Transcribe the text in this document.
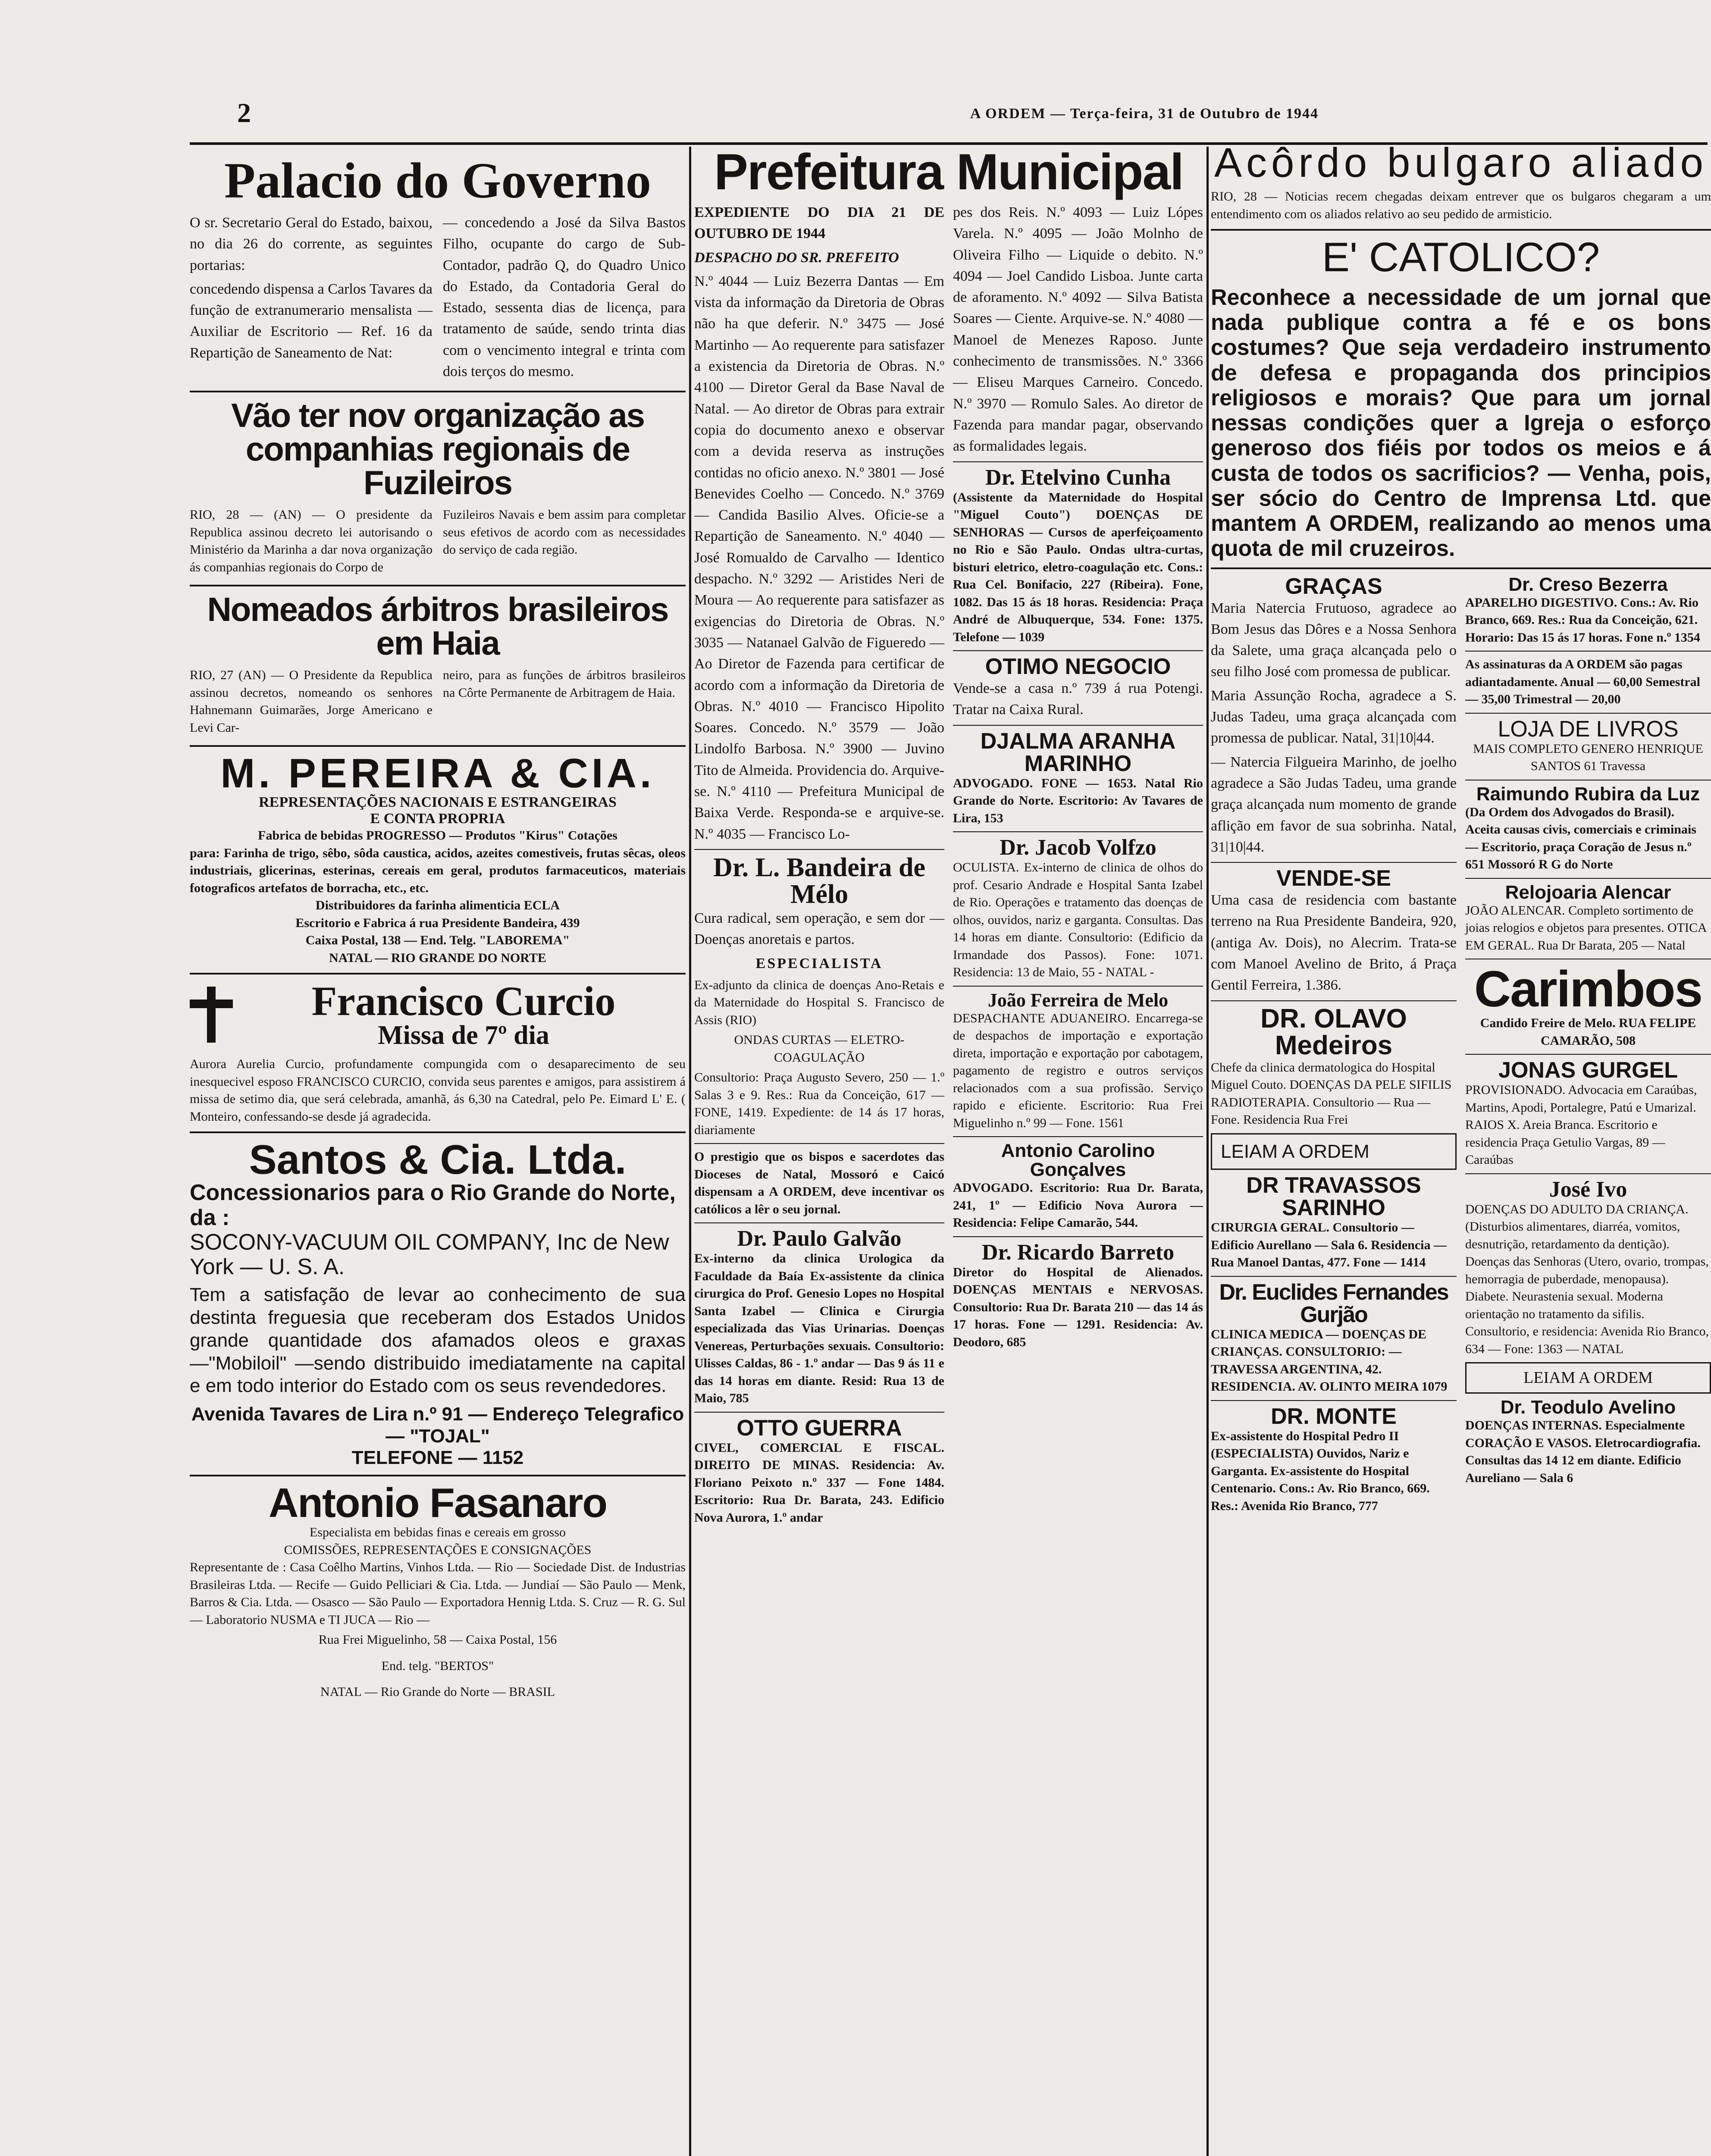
2	A ORDEM — Terça-feira, 31 de Outubro de 1944
Palacio do Governo

O sr. Secretario Geral do Estado, baixou, no dia 26 do corrente, as seguintes portarias:

concedendo dispensa a Carlos Tavares da função de extranumerario mensalista — Auxiliar de Escritorio — Ref. 16 da Repartição de Saneamento de Nat:

— concedendo a José da Silva Bastos Filho, ocupante do cargo de Sub-Contador, padrão Q, do Quadro Unico do Estado, da Contadoria Geral do Estado, sessenta dias de licença, para tratamento de saúde, sendo trinta dias com o vencimento integral e trinta com dois terços do mesmo.

Vão ter nov organização as companhias regionais de Fuzileiros

RIO, 28 — (AN) — O presidente da Republica assinou decreto lei autorisando o Ministério da Marinha a dar nova organização ás companhias regionais do Corpo de

Fuzileiros Navais e bem assim para completar seus efetivos de acordo com as necessidades do serviço de cada região.

Nomeados árbitros brasileiros em Haia

RIO, 27 (AN) — O Presidente da Republica assinou decretos, nomeando os senhores Hahnemann Guimarães, Jorge Americano e Levi Car-

neiro, para as funções de árbitros brasileiros na Côrte Permanente de Arbitragem de Haia.

M. PEREIRA & CIA.
REPRESENTAÇÕES NACIONAIS E ESTRANGEIRAS
E CONTA PROPRIA
Fabrica de bebidas PROGRESSO — Produtos "Kirus" Cotações
para: Farinha de trigo, sêbo, sôda caustica, acidos, azeites comestiveis, frutas sêcas, oleos industriais, glicerinas, esterinas, cereais em geral, produtos farmaceuticos, materiais fotograficos artefatos de borracha, etc., etc.
Distribuidores da farinha alimenticia ECLA
Escritorio e Fabrica á rua Presidente Bandeira, 439
Caixa Postal, 138 — End. Telg. "LABOREMA"
NATAL — RIO GRANDE DO NORTE
Francisco Curcio
Missa de 7º dia

Aurora Aurelia Curcio, profundamente compungida com o desaparecimento de seu inesquecivel esposo FRANCISCO CURCIO, convida seus parentes e amigos, para assistirem á missa de setimo dia, que será celebrada, amanhã, ás 6,30 na Catedral, pelo Pe. Eimard L' E. ( Monteiro, confessando-se desde já agradecida.

Santos & Cia. Ltda.
Concessionarios para o Rio Grande do Norte, da :
SOCONY-VACUUM OIL COMPANY, Inc de New York — U. S. A.

Tem a satisfação de levar ao conhecimento de sua destinta freguesia que receberam dos Estados Unidos grande quantidade dos afamados oleos e graxas—"Mobiloil" —sendo distribuido imediatamente na capital e em todo interior do Estado com os seus revendedores.

Avenida Tavares de Lira n.º 91 — Endereço Telegrafico — "TOJAL"
TELEFONE — 1152
Antonio Fasanaro
Especialista em bebidas finas e cereais em grosso
COMISSÕES, REPRESENTAÇÕES E CONSIGNAÇÕES

Representante de : Casa Coêlho Martins, Vinhos Ltda. — Rio — Sociedade Dist. de Industrias Brasileiras Ltda. — Recife — Guido Pelliciari & Cia. Ltda. — Jundiaí — São Paulo — Menk, Barros & Cia. Ltda. — Osasco — São Paulo — Exportadora Hennig Ltda. S. Cruz — R. G. Sul — Laboratorio NUSMA e TI JUCA — Rio —

Rua Frei Miguelinho, 58 — Caixa Postal, 156
End. telg. "BERTOS"
NATAL — Rio Grande do Norte — BRASIL
Prefeitura Municipal

EXPEDIENTE DO DIA 21 DE OUTUBRO DE 1944

DESPACHO DO SR. PREFEITO

N.º 4044 — Luiz Bezerra Dantas — Em vista da informação da Diretoria de Obras não ha que deferir. N.º 3475 — José Martinho — Ao requerente para satisfazer a existencia da Diretoria de Obras. N.º 4100 — Diretor Geral da Base Naval de Natal. — Ao diretor de Obras para extrair copia do documento anexo e observar com a devida reserva as instruções contidas no oficio anexo. N.º 3801 — José Benevides Coelho — Concedo. N.º 3769 — Candida Basilio Alves. Oficie-se a Repartição de Saneamento. N.º 4040 — José Romualdo de Carvalho — Identico despacho. N.º 3292 — Aristides Neri de Moura — Ao requerente para satisfazer as exigencias do Diretoria de Obras. N.º 3035 — Natanael Galvão de Figueredo — Ao Diretor de Fazenda para certificar de acordo com a informação da Diretoria de Obras. N.º 4010 — Francisco Hipolito Soares. Concedo. N.º 3579 — João Lindolfo Barbosa. N.º 3900 — Juvino Tito de Almeida. Providencia do. Arquive-se. N.º 4110 — Prefeitura Municipal de Baixa Verde. Responda-se e arquive-se. N.º 4035 — Francisco Lo-

Dr. L. Bandeira de Mélo

Cura radical, sem operação, e sem dor — Doenças anoretais e partos.

ESPECIALISTA

Ex-adjunto da clinica de doenças Ano-Retais e da Maternidade do Hospital S. Francisco de Assis (RIO)

ONDAS CURTAS — ELETRO-COAGULAÇÃO

Consultorio: Praça Augusto Severo, 250 — 1.º Salas 3 e 9. Res.: Rua da Conceição, 617 — FONE, 1419. Expediente: de 14 ás 17 horas, diariamente

O prestigio que os bispos e sacerdotes das Dioceses de Natal, Mossoró e Caicó dispensam a A ORDEM, deve incentivar os católicos a lêr o seu jornal.

Dr. Paulo Galvão

Ex-interno da clinica Urologica da Faculdade da Baía Ex-assistente da clinica cirurgica do Prof. Genesio Lopes no Hospital Santa Izabel — Clinica e Cirurgia especializada das Vias Urinarias. Doenças Venereas, Perturbações sexuais. Consultorio: Ulisses Caldas, 86 - 1.º andar — Das 9 ás 11 e das 14 horas em diante. Resid: Rua 13 de Maio, 785

OTTO GUERRA

CIVEL, COMERCIAL E FISCAL. DIREITO DE MINAS. Residencia: Av. Floriano Peixoto n.º 337 — Fone 1484. Escritorio: Rua Dr. Barata, 243. Edificio Nova Aurora, 1.º andar

pes dos Reis. N.º 4093 — Luiz Lópes Varela. N.º 4095 — João Molnho de Oliveira Filho — Liquide o debito. N.º 4094 — Joel Candido Lisboa. Junte carta de aforamento. N.º 4092 — Silva Batista Soares — Ciente. Arquive-se. N.º 4080 — Manoel de Menezes Raposo. Junte conhecimento de transmissões. N.º 3366 — Eliseu Marques Carneiro. Concedo. N.º 3970 — Romulo Sales. Ao diretor de Fazenda para mandar pagar, observando as formalidades legais.

Dr. Etelvino Cunha

(Assistente da Maternidade do Hospital "Miguel Couto") DOENÇAS DE SENHORAS — Cursos de aperfeiçoamento no Rio e São Paulo. Ondas ultra-curtas, bisturi eletrico, eletro-coagulação etc. Cons.: Rua Cel. Bonifacio, 227 (Ribeira). Fone, 1082. Das 15 ás 18 horas. Residencia: Praça André de Albuquerque, 534. Fone: 1375. Telefone — 1039

OTIMO NEGOCIO

Vende-se a casa n.º 739 á rua Potengi. Tratar na Caixa Rural.

DJALMA ARANHA MARINHO

ADVOGADO. FONE — 1653. Natal Rio Grande do Norte. Escritorio: Av Tavares de Lira, 153

Dr. Jacob Volfzo

OCULISTA. Ex-interno de clinica de olhos do prof. Cesario Andrade e Hospital Santa Izabel de Rio. Operações e tratamento das doenças de olhos, ouvidos, nariz e garganta. Consultas. Das 14 horas em diante. Consultorio: (Edificio da Irmandade dos Passos). Fone: 1071. Residencia: 13 de Maio, 55 - NATAL -

João Ferreira de Melo

DESPACHANTE ADUANEIRO. Encarrega-se de despachos de importação e exportação direta, importação e exportação por cabotagem, pagamento de registro e outros serviços relacionados com a sua profissão. Serviço rapido e eficiente. Escritorio: Rua Frei Miguelinho n.º 99 — Fone. 1561

Antonio Carolino Gonçalves

ADVOGADO. Escritorio: Rua Dr. Barata, 241, 1º — Edificio Nova Aurora — Residencia: Felipe Camarão, 544.

Dr. Ricardo Barreto

Diretor do Hospital de Alienados. DOENÇAS MENTAIS e NERVOSAS. Consultorio: Rua Dr. Barata 210 — das 14 ás 17 horas. Fone — 1291. Residencia: Av. Deodoro, 685

Acôrdo bulgaro aliado

RIO, 28 — Noticias recem chegadas deixam entrever que os bulgaros chegaram a um entendimento com os aliados relativo ao seu pedido de armisticio.

E' CATOLICO?

Reconhece a necessidade de um jornal que nada publique contra a fé e os bons costumes? Que seja verdadeiro instrumento de defesa e propaganda dos principios religiosos e morais? Que para um jornal nessas condições quer a Igreja o esforço generoso dos fiéis por todos os meios e á custa de todos os sacrificios? — Venha, pois, ser sócio do Centro de Imprensa Ltd. que mantem A ORDEM, realizando ao menos uma quota de mil cruzeiros.

GRAÇAS

Maria Natercia Frutuoso, agradece ao Bom Jesus das Dôres e a Nossa Senhora da Salete, uma graça alcançada pelo o seu filho José com promessa de publicar.

Maria Assunção Rocha, agradece a S. Judas Tadeu, uma graça alcançada com promessa de publicar. Natal, 31|10|44.

— Natercia Filgueira Marinho, de joelho agradece a São Judas Tadeu, uma grande graça alcançada num momento de grande aflição em favor de sua sobrinha. Natal, 31|10|44.

VENDE-SE

Uma casa de residencia com bastante terreno na Rua Presidente Bandeira, 920, (antiga Av. Dois), no Alecrim. Trata-se com Manoel Avelino de Brito, á Praça Gentil Ferreira, 1.386.

DR. OLAVO Medeiros

Chefe da clinica dermatologica do Hospital Miguel Couto. DOENÇAS DA PELE SIFILIS RADIOTERAPIA. Consultorio — Rua — Fone. Residencia Rua Frei

LEIAM A ORDEM
DR TRAVASSOS SARINHO

CIRURGIA GERAL. Consultorio — Edificio Aurellano — Sala 6. Residencia — Rua Manoel Dantas, 477. Fone — 1414

Dr. Euclides Fernandes Gurjão

CLINICA MEDICA — DOENÇAS DE CRIANÇAS. CONSULTORIO: — TRAVESSA ARGENTINA, 42. RESIDENCIA. AV. OLINTO MEIRA 1079

DR. MONTE

Ex-assistente do Hospital Pedro II (ESPECIALISTA) Ouvidos, Nariz e Garganta. Ex-assistente do Hospital Centenario. Cons.: Av. Rio Branco, 669. Res.: Avenida Rio Branco, 777

Dr. Creso Bezerra

APARELHO DIGESTIVO. Cons.: Av. Rio Branco, 669. Res.: Rua da Conceição, 621. Horario: Das 15 ás 17 horas. Fone n.º 1354

As assinaturas da A ORDEM são pagas adiantadamente. Anual — 60,00 Semestral — 35,00 Trimestral — 20,00

LOJA DE LIVROS

MAIS COMPLETO GENERO HENRIQUE SANTOS 61 Travessa

Raimundo Rubira da Luz

(Da Ordem dos Advogados do Brasil). Aceita causas civis, comerciais e criminais — Escritorio, praça Coração de Jesus n.º 651 Mossoró R G do Norte

Relojoaria Alencar

JOÃO ALENCAR. Completo sortimento de joias relogios e objetos para presentes. OTICA EM GERAL. Rua Dr Barata, 205 — Natal

Carimbos

Candido Freire de Melo. RUA FELIPE CAMARÃO, 508

JONAS GURGEL

PROVISIONADO. Advocacia em Caraúbas, Martins, Apodi, Portalegre, Patú e Umarizal. RAIOS X. Areia Branca. Escritorio e residencia Praça Getulio Vargas, 89 — Caraúbas

José Ivo

DOENÇAS DO ADULTO DA CRIANÇA. (Disturbios alimentares, diarréa, vomitos, desnutrição, retardamento da dentição). Doenças das Senhoras (Utero, ovario, trompas, hemorragia de puberdade, menopausa). Diabete. Neurastenia sexual. Moderna orientação no tratamento da sifilis. Consultorio, e residencia: Avenida Rio Branco, 634 — Fone: 1363 — NATAL

LEIAM A ORDEM
Dr. Teodulo Avelino

DOENÇAS INTERNAS. Especialmente CORAÇÃO E VASOS. Eletrocardiografia. Consultas das 14 12 em diante. Edificio Aureliano — Sala 6
